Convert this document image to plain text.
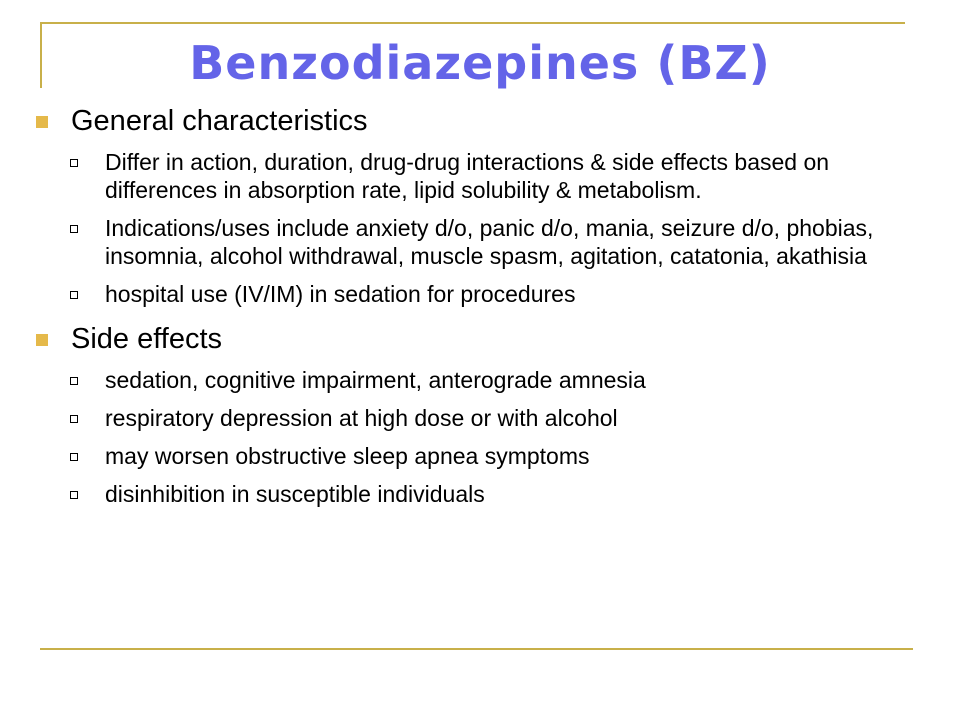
Benzodiazepines (BZ)
General characteristics
Differ in action, duration, drug-drug interactions & side effects based on differences in absorption rate, lipid solubility & metabolism.
Indications/uses include anxiety d/o, panic d/o, mania, seizure d/o, phobias, insomnia, alcohol withdrawal, muscle spasm, agitation, catatonia, akathisia
hospital use (IV/IM) in sedation for procedures
Side effects
sedation, cognitive impairment, anterograde amnesia
respiratory depression at high dose or with alcohol
may worsen obstructive sleep apnea symptoms
disinhibition in susceptible individuals
